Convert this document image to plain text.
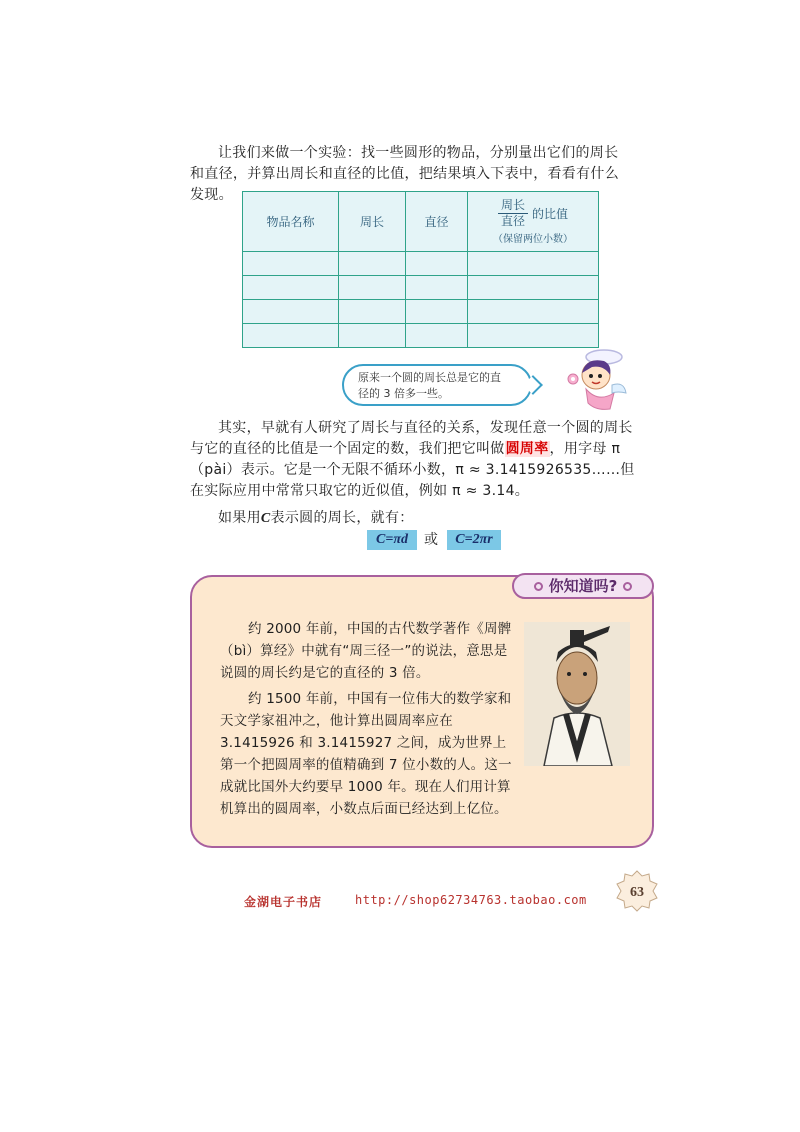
让我们来做一个实验：找一些圆形的物品，分别量出它们的周长和直径，并算出周长和直径的比值，把结果填入下表中，看看有什么发现。

物品名称	周长	直径	$\frac{\text{周长}}{\text{直径}}$ 的比值
（保留两位小数）

原来一个圆的周长总是它的直
径的 3 倍多一些。

其实，早就有人研究了周长与直径的关系，发现任意一个圆的周长与它的直径的比值是一个固定的数，我们把它叫做圆周率，用字母 π（pài）表示。它是一个无限不循环小数，π ≈ 3.1415926535……但在实际应用中常常只取它的近似值，例如 π ≈ 3.14。

如果用C表示圆的周长，就有：

C=πd	或	C=2πr
你知道吗?

约 2000 年前，中国的古代数学著作《周髀（bì）算经》中就有“周三径一”的说法，意思是说圆的周长约是它的直径的 3 倍。

约 1500 年前，中国有一位伟大的数学家和天文学家祖冲之，他计算出圆周率应在 3.1415926 和 3.1415927 之间，成为世界上第一个把圆周率的值精确到 7 位小数的人。这一成就比国外大约要早 1000 年。现在人们用计算机算出的圆周率，小数点后面已经达到上亿位。

金湖电子书店	http://shop62734763.taobao.com	63
